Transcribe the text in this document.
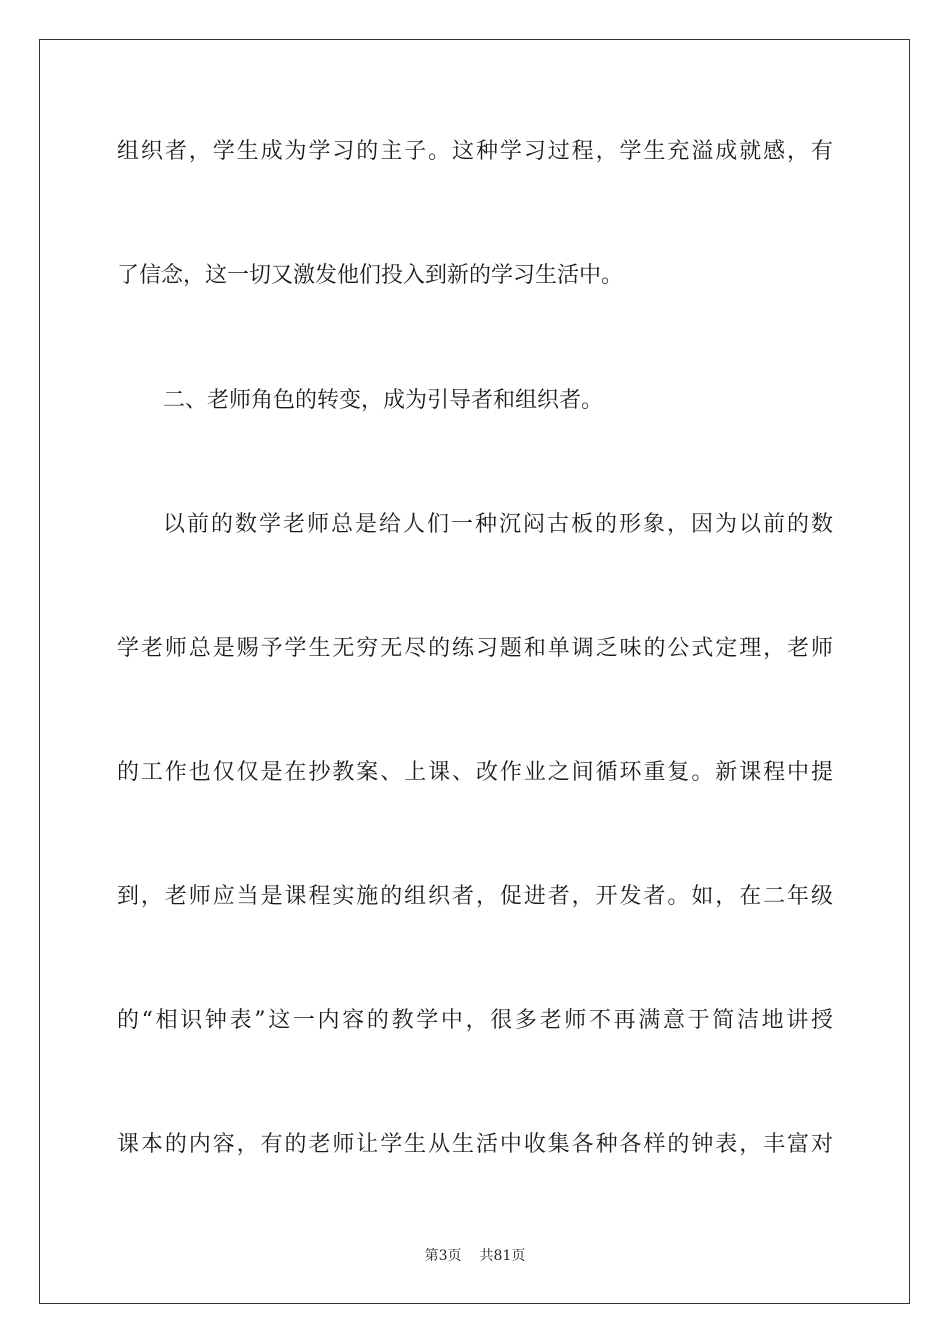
组织者，学生成为学习的主子。这种学习过程，学生充溢成就感，有
了信念，这一切又激发他们投入到新的学习生活中。
二、老师角色的转变，成为引导者和组织者。
以前的数学老师总是给人们一种沉闷古板的形象，因为以前的数
学老师总是赐予学生无穷无尽的练习题和单调乏味的公式定理，老师
的工作也仅仅是在抄教案、上课、改作业之间循环重复。新课程中提
到，老师应当是课程实施的组织者，促进者，开发者。如，在二年级
的“相识钟表”这一内容的教学中，很多老师不再满意于简洁地讲授
课本的内容，有的老师让学生从生活中收集各种各样的钟表，丰富对
第3页 共81页
